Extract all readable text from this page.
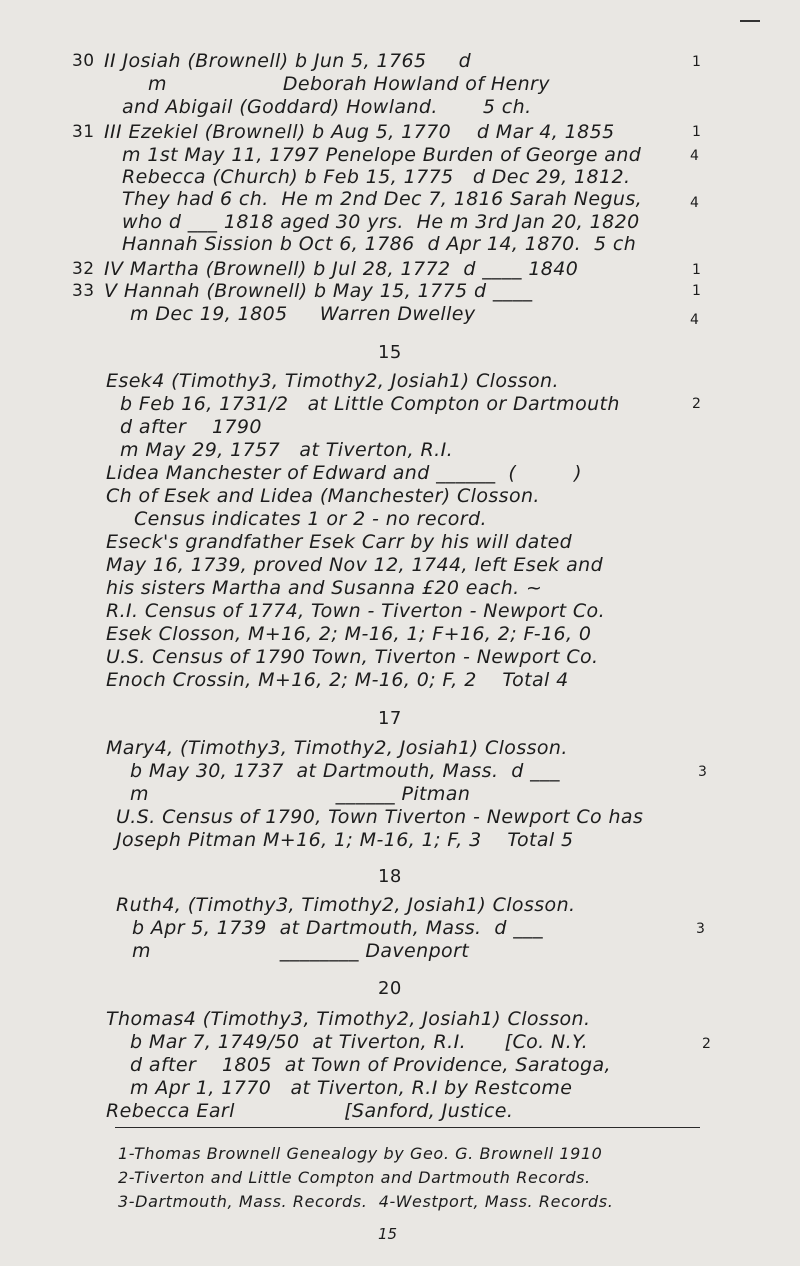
II Josiah (Brownell) b Jun 5, 1765     d
m                  Deborah Howland of Henry
and Abigail (Goddard) Howland.       5 ch.
III Ezekiel (Brownell) b Aug 5, 1770    d Mar 4, 1855
m 1st May 11, 1797 Penelope Burden of George and
Rebecca (Church) b Feb 15, 1775   d Dec 29, 1812.
They had 6 ch.  He m 2nd Dec 7, 1816 Sarah Negus,
who d ___ 1818 aged 30 yrs.  He m 3rd Jan 20, 1820
Hannah Sission b Oct 6, 1786  d Apr 14, 1870.  5 ch
IV Martha (Brownell) b Jul 28, 1772  d ____ 1840
V Hannah (Brownell) b May 15, 1775 d ____
m Dec 19, 1805     Warren Dwelley
15
Esek4 (Timothy3, Timothy2, Josiah1) Closson.
b Feb 16, 1731/2   at Little Compton or Dartmouth
d after    1790
m May 29, 1757   at Tiverton, R.I.
Lidea Manchester of Edward and ______  (         )
Ch of Esek and Lidea (Manchester) Closson.
Census indicates 1 or 2 - no record.
Eseck's grandfather Esek Carr by his will dated
May 16, 1739, proved Nov 12, 1744, left Esek and
his sisters Martha and Susanna £20 each. ~
R.I. Census of 1774, Town - Tiverton - Newport Co.
Esek Closson, M+16, 2; M-16, 1; F+16, 2; F-16, 0
U.S. Census of 1790 Town, Tiverton - Newport Co.
Enoch Crossin, M+16, 2; M-16, 0; F, 2    Total 4
17
Mary4, (Timothy3, Timothy2, Josiah1) Closson.
b May 30, 1737  at Dartmouth, Mass.  d ___
m                             ______ Pitman
U.S. Census of 1790, Town Tiverton - Newport Co has
Joseph Pitman M+16, 1; M-16, 1; F, 3    Total 5
18
Ruth4, (Timothy3, Timothy2, Josiah1) Closson.
b Apr 5, 1739  at Dartmouth, Mass.  d ___
m                    ________ Davenport
20
Thomas4 (Timothy3, Timothy2, Josiah1) Closson.
b Mar 7, 1749/50  at Tiverton, R.I.      [Co. N.Y.
d after    1805  at Town of Providence, Saratoga,
m Apr 1, 1770   at Tiverton, R.I by Restcome
Rebecca Earl                 [Sanford, Justice.
30
31
32
33
1
1
4
4
1
1
4
2
3
3
2
1-Thomas Brownell Genealogy by Geo. G. Brownell 1910
2-Tiverton and Little Compton and Dartmouth Records.
3-Dartmouth, Mass. Records.  4-Westport, Mass. Records.
15
